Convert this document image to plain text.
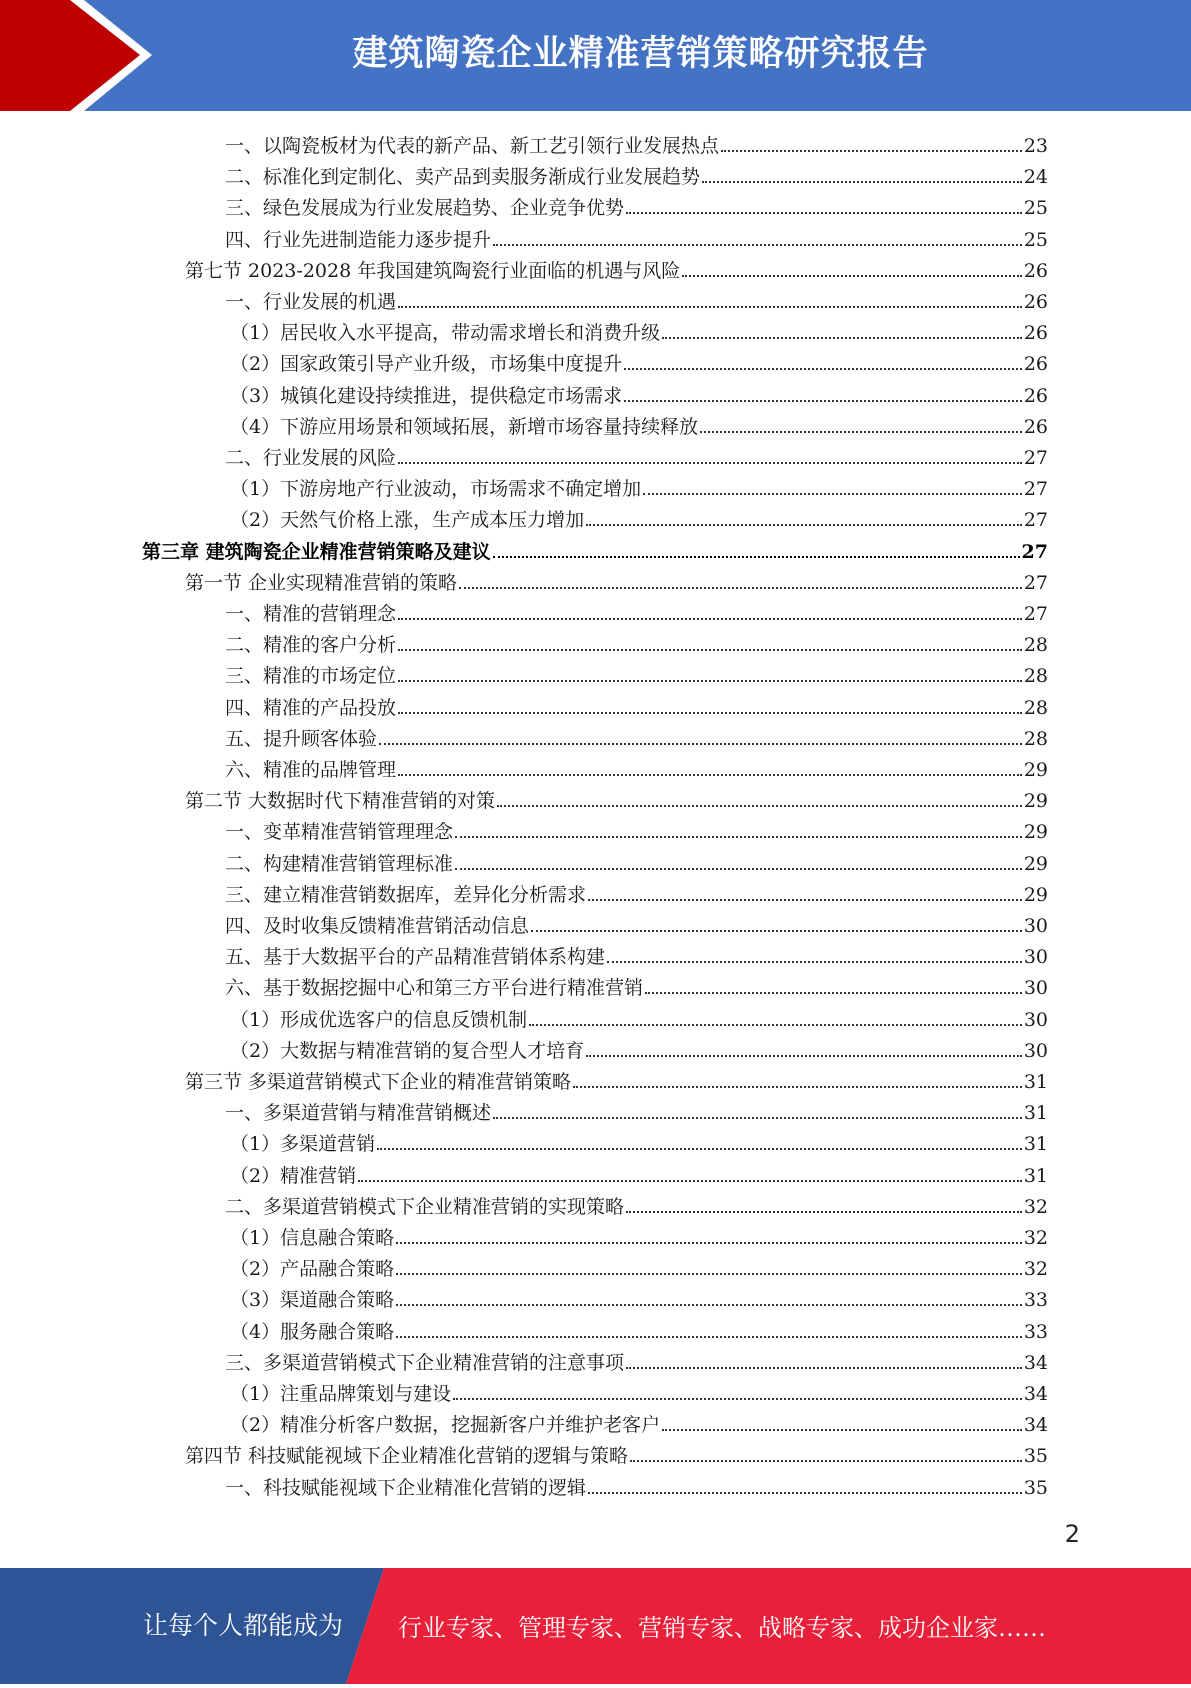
建筑陶瓷企业精准营销策略研究报告
一、以陶瓷板材为代表的新产品、新工艺引领行业发展热点	23
二、标准化到定制化、卖产品到卖服务渐成行业发展趋势	24
三、绿色发展成为行业发展趋势、企业竞争优势	25
四、行业先进制造能力逐步提升	25
第七节 2023-2028 年我国建筑陶瓷行业面临的机遇与风险	26
一、行业发展的机遇	26
（1）居民收入水平提高，带动需求增长和消费升级	26
（2）国家政策引导产业升级，市场集中度提升	26
（3）城镇化建设持续推进，提供稳定市场需求	26
（4）下游应用场景和领域拓展，新增市场容量持续释放	26
二、行业发展的风险	27
（1）下游房地产行业波动，市场需求不确定增加	27
（2）天然气价格上涨，生产成本压力增加	27
第三章 建筑陶瓷企业精准营销策略及建议	27
第一节 企业实现精准营销的策略	27
一、精准的营销理念	27
二、精准的客户分析	28
三、精准的市场定位	28
四、精准的产品投放	28
五、提升顾客体验	28
六、精准的品牌管理	29
第二节 大数据时代下精准营销的对策	29
一、变革精准营销管理理念	29
二、构建精准营销管理标准	29
三、建立精准营销数据库，差异化分析需求	29
四、及时收集反馈精准营销活动信息	30
五、基于大数据平台的产品精准营销体系构建	30
六、基于数据挖掘中心和第三方平台进行精准营销	30
（1）形成优选客户的信息反馈机制	30
（2）大数据与精准营销的复合型人才培育	30
第三节 多渠道营销模式下企业的精准营销策略	31
一、多渠道营销与精准营销概述	31
（1）多渠道营销	31
（2）精准营销	31
二、多渠道营销模式下企业精准营销的实现策略	32
（1）信息融合策略	32
（2）产品融合策略	32
（3）渠道融合策略	33
（4）服务融合策略	33
三、多渠道营销模式下企业精准营销的注意事项	34
（1）注重品牌策划与建设	34
（2）精准分析客户数据，挖掘新客户并维护老客户	34
第四节 科技赋能视域下企业精准化营销的逻辑与策略	35
一、科技赋能视域下企业精准化营销的逻辑	35
2
让每个人都能成为 行业专家、管理专家、营销专家、战略专家、成功企业家……
